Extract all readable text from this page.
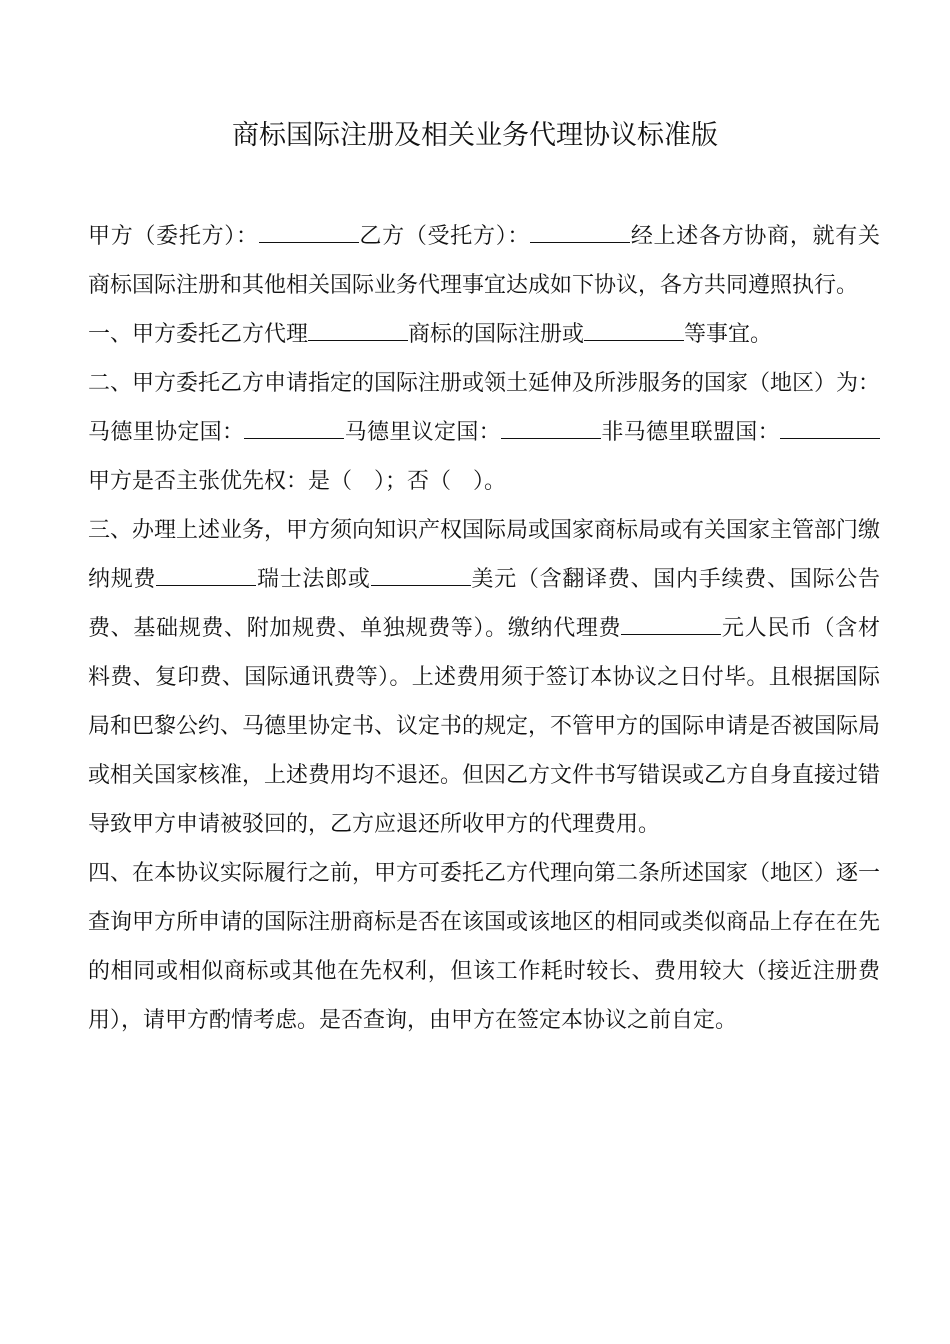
商标国际注册及相关业务代理协议标准版

甲方（委托方）：	乙方（受托方）：	经上述各方协商，就有关商标国际注册和其他相关国际业务代理事宜达成如下协议，各方共同遵照执行。

一、甲方委托乙方代理	商标的国际注册或	等事宜。

二、甲方委托乙方申请指定的国际注册或领土延伸及所涉服务的国家（地区）为：马德里协定国：	马德里议定国：	非马德里联盟国：甲方是否主张优先权：是（　）；否（　）。

三、办理上述业务，甲方须向知识产权国际局或国家商标局或有关国家主管部门缴纳规费	瑞士法郎或	美元（含翻译费、国内手续费、国际公告费、基础规费、附加规费、单独规费等）。缴纳代理费	元人民币（含材料费、复印费、国际通讯费等）。上述费用须于签订本协议之日付毕。且根据国际局和巴黎公约、马德里协定书、议定书的规定，不管甲方的国际申请是否被国际局或相关国家核准，上述费用均不退还。但因乙方文件书写错误或乙方自身直接过错导致甲方申请被驳回的，乙方应退还所收甲方的代理费用。

四、在本协议实际履行之前，甲方可委托乙方代理向第二条所述国家（地区）逐一查询甲方所申请的国际注册商标是否在该国或该地区的相同或类似商品上存在在先的相同或相似商标或其他在先权利，但该工作耗时较长、费用较大（接近注册费用），请甲方酌情考虑。是否查询，由甲方在签定本协议之前自定。
